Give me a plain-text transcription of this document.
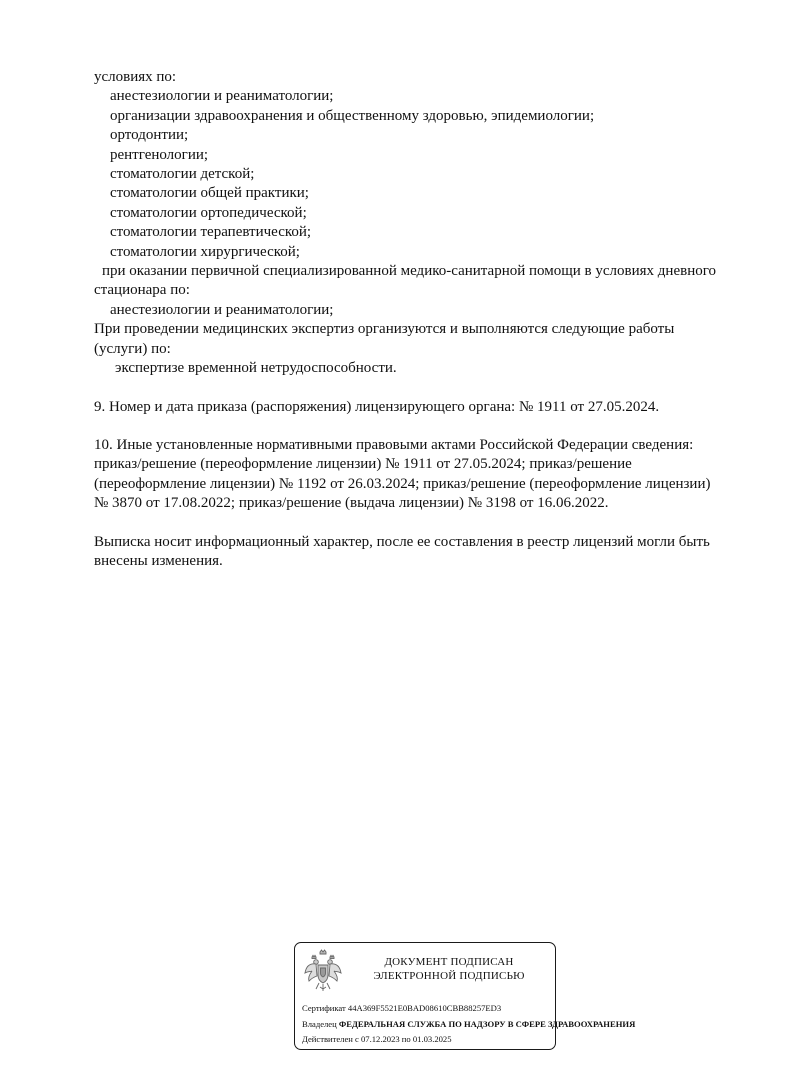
условиях по:
анестезиологии и реаниматологии;
организации здравоохранения и общественному здоровью, эпидемиологии;
ортодонтии;
рентгенологии;
стоматологии детской;
стоматологии общей практики;
стоматологии ортопедической;
стоматологии терапевтической;
стоматологии хирургической;
при оказании первичной специализированной медико-санитарной помощи в условиях дневного
стационара по:
анестезиологии и реаниматологии;
При проведении медицинских экспертиз организуются и выполняются следующие работы
(услуги) по:
экспертизе временной нетрудоспособности.
9. Номер и дата приказа (распоряжения) лицензирующего органа: № 1911 от 27.05.2024.
10. Иные установленные нормативными правовыми актами Российской Федерации сведения:
приказ/решение (переоформление лицензии) № 1911 от 27.05.2024; приказ/решение
(переоформление лицензии) № 1192 от 26.03.2024; приказ/решение (переоформление лицензии)
№ 3870 от 17.08.2022; приказ/решение (выдача лицензии) № 3198 от 16.06.2022.
Выписка носит информационный характер, после ее составления в реестр лицензий могли быть
внесены изменения.
ДОКУМЕНТ ПОДПИСАН
ЭЛЕКТРОННОЙ ПОДПИСЬЮ
Сертификат 44A369F5521E0BAD08610CBB88257ED3
Владелец ФЕДЕРАЛЬНАЯ СЛУЖБА ПО НАДЗОРУ В СФЕРЕ ЗДРАВООХРАНЕНИЯ
Действителен с 07.12.2023 по 01.03.2025
